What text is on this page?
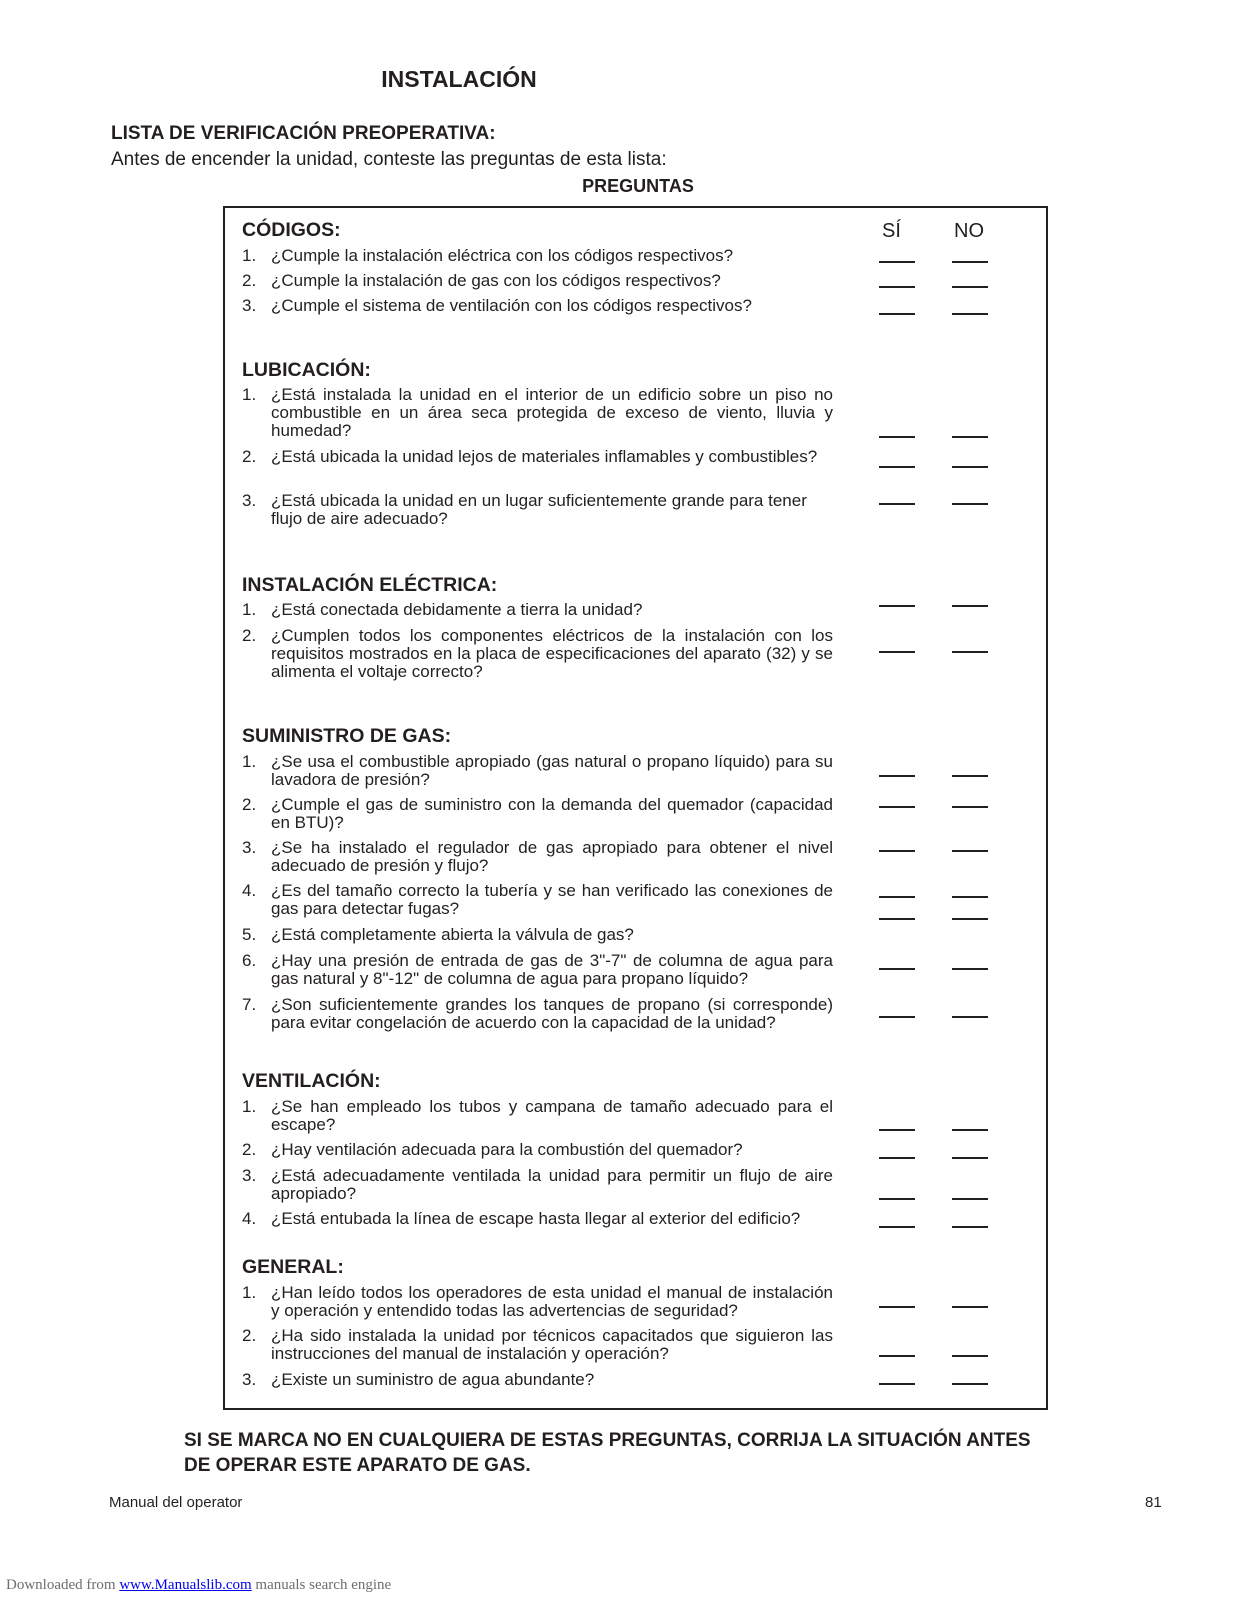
INSTALACIÓN
LISTA DE VERIFICACIÓN PREOPERATIVA:
Antes de encender la unidad, conteste las preguntas de esta lista:
PREGUNTAS
SÍ	NO
CÓDIGOS:
1. ¿Cumple la instalación eléctrica con los códigos respectivos?
2. ¿Cumple la instalación de gas con los códigos respectivos?
3. ¿Cumple el sistema de ventilación con los códigos respectivos?
LUBICACIÓN:
1. ¿Está instalada la unidad en el interior de un edificio sobre un piso no combustible en un área seca protegida de exceso de viento, lluvia y humedad?
2. ¿Está ubicada la unidad lejos de materiales inflamables y combustibles?
3. ¿Está ubicada la unidad en un lugar suficientemente grande para tener flujo de aire adecuado?
INSTALACIÓN ELÉCTRICA:
1. ¿Está conectada debidamente a tierra la unidad?
2. ¿Cumplen todos los componentes eléctricos de la instalación con los requisitos mostrados en la placa de especificaciones del aparato (32) y se alimenta el voltaje correcto?
SUMINISTRO DE GAS:
1. ¿Se usa el combustible apropiado (gas natural o propano líquido) para su lavadora de presión?
2. ¿Cumple el gas de suministro con la demanda del quemador (capacidad en BTU)?
3. ¿Se ha instalado el regulador de gas apropiado para obtener el nivel adecuado de presión y flujo?
4. ¿Es del tamaño correcto la tubería y se han verificado las conexiones de gas para detectar fugas?
5. ¿Está completamente abierta la válvula de gas?
6. ¿Hay una presión de entrada de gas de 3"-7" de columna de agua para gas natural y 8"-12" de columna de agua para propano líquido?
7. ¿Son suficientemente grandes los tanques de propano (si corresponde) para evitar congelación de acuerdo con la capacidad de la unidad?
VENTILACIÓN:
1. ¿Se han empleado los tubos y campana de tamaño adecuado para el escape?
2. ¿Hay ventilación adecuada para la combustión del quemador?
3. ¿Está adecuadamente ventilada la unidad para permitir un flujo de aire apropiado?
4. ¿Está entubada la línea de escape hasta llegar al exterior del edificio?
GENERAL:
1. ¿Han leído todos los operadores de esta unidad el manual de instalación y operación y entendido todas las advertencias de seguridad?
2. ¿Ha sido instalada la unidad por técnicos capacitados que siguieron las instrucciones del manual de instalación y operación?
3. ¿Existe un suministro de agua abundante?
SI SE MARCA NO EN CUALQUIERA DE ESTAS PREGUNTAS, CORRIJA LA SITUACIÓN ANTES
DE OPERAR ESTE APARATO DE GAS.
Manual del operator	81
Downloaded from www.Manualslib.com manuals search engine
